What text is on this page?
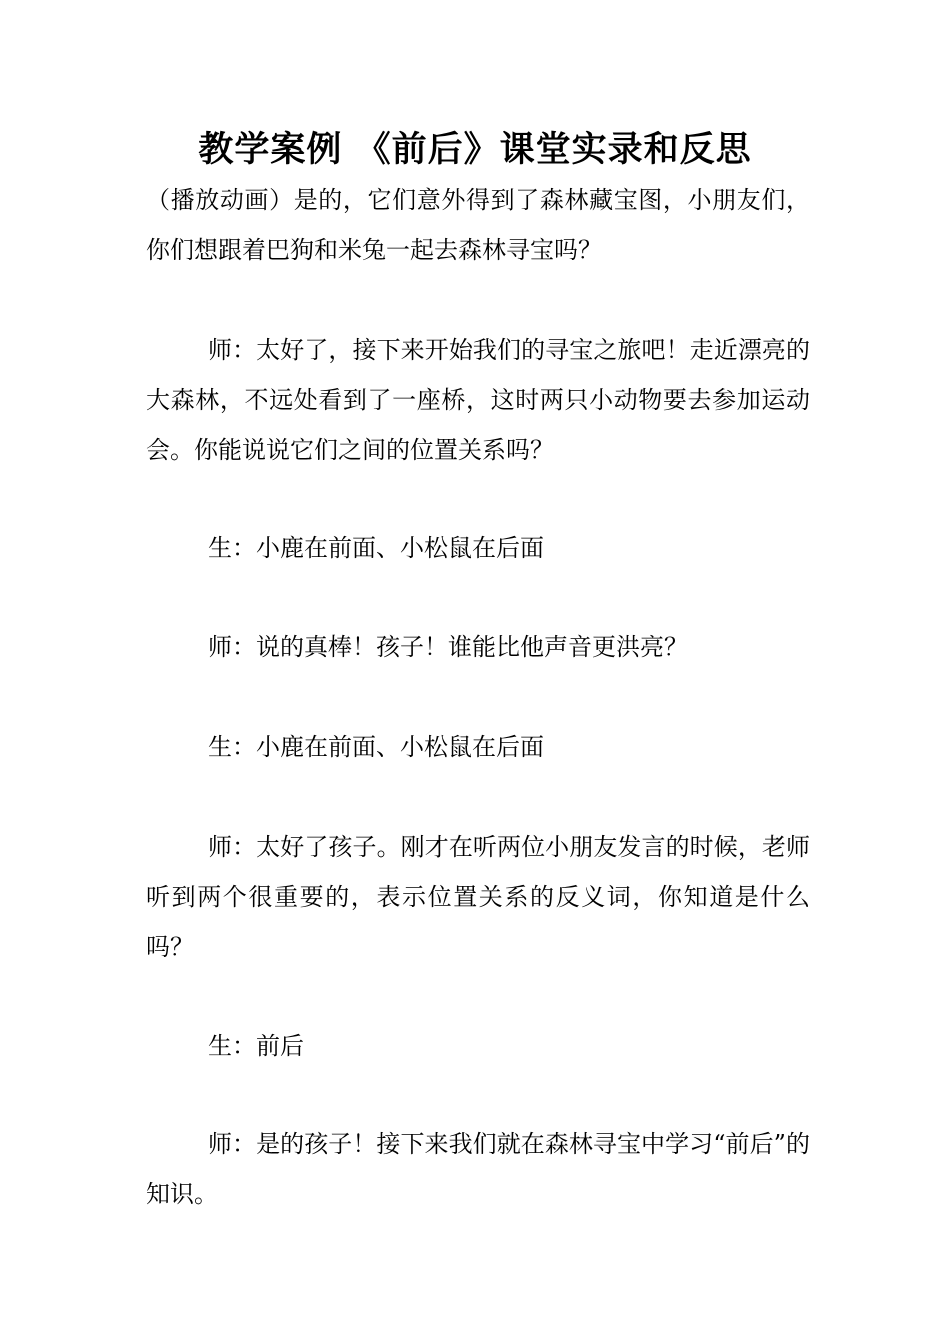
教学案例 《前后》课堂实录和反思

（播放动画）是的，它们意外得到了森林藏宝图，小朋友们，你们想跟着巴狗和米兔一起去森林寻宝吗？

师：太好了，接下来开始我们的寻宝之旅吧！走近漂亮的大森林，不远处看到了一座桥，这时两只小动物要去参加运动会。你能说说它们之间的位置关系吗？

生：小鹿在前面、小松鼠在后面

师：说的真棒！孩子！谁能比他声音更洪亮？

生：小鹿在前面、小松鼠在后面

师：太好了孩子。刚才在听两位小朋友发言的时候，老师听到两个很重要的，表示位置关系的反义词，你知道是什么吗？

生：前后

师：是的孩子！接下来我们就在森林寻宝中学习“前后”的知识。
